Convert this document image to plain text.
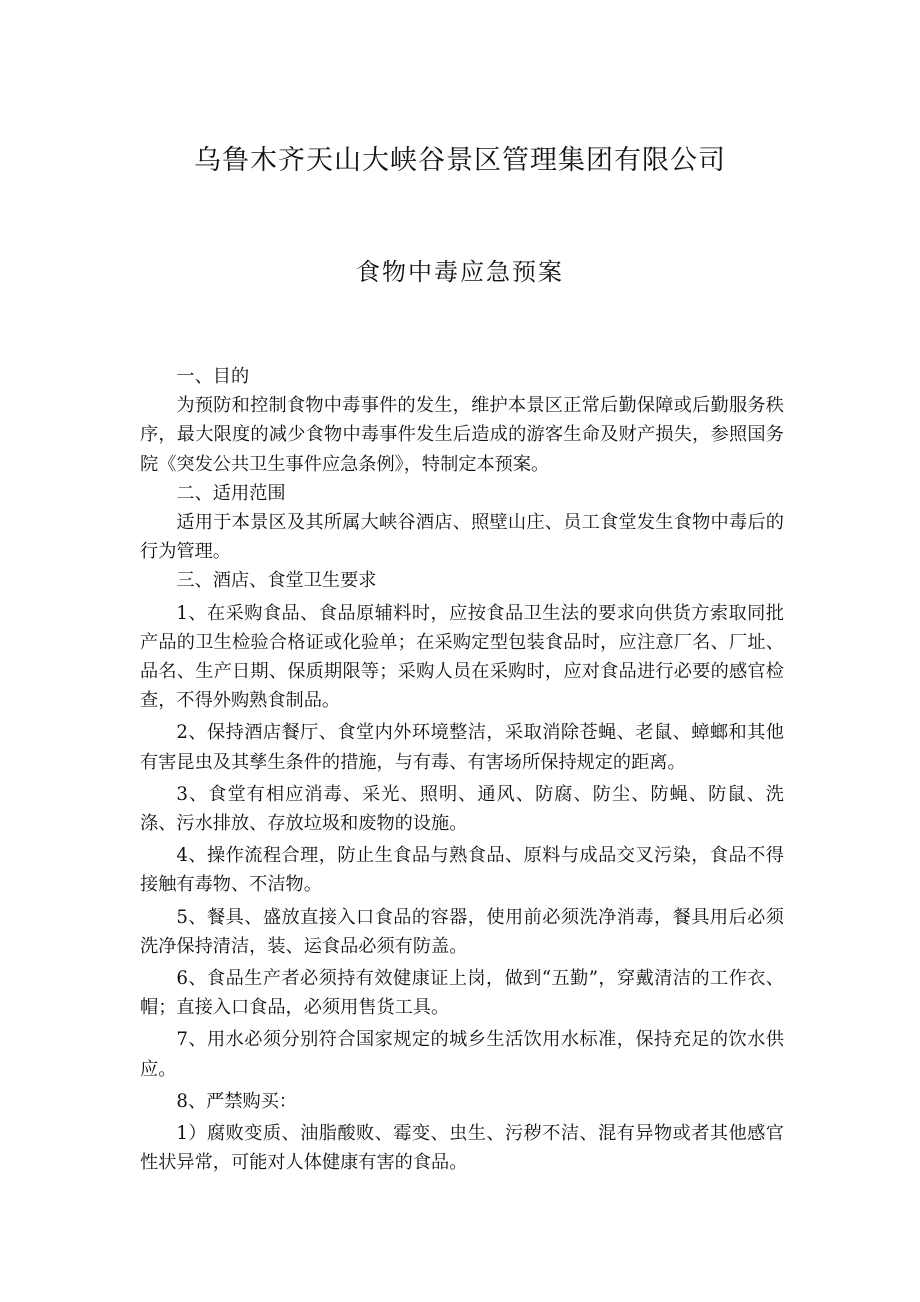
乌鲁木齐天山大峡谷景区管理集团有限公司
食物中毒应急预案

一、目的

为预防和控制食物中毒事件的发生，维护本景区正常后勤保障或后勤服务秩序，最大限度的减少食物中毒事件发生后造成的游客生命及财产损失，参照国务院《突发公共卫生事件应急条例》，特制定本预案。

二、适用范围

适用于本景区及其所属大峡谷酒店、照壁山庄、员工食堂发生食物中毒后的行为管理。

三、酒店、食堂卫生要求

1、在采购食品、食品原辅料时，应按食品卫生法的要求向供货方索取同批产品的卫生检验合格证或化验单；在采购定型包装食品时，应注意厂名、厂址、品名、生产日期、保质期限等；采购人员在采购时，应对食品进行必要的感官检查，不得外购熟食制品。

2、保持酒店餐厅、食堂内外环境整洁，采取消除苍蝇、老鼠、蟑螂和其他有害昆虫及其孳生条件的措施，与有毒、有害场所保持规定的距离。

3、食堂有相应消毒、采光、照明、通风、防腐、防尘、防蝇、防鼠、洗涤、污水排放、存放垃圾和废物的设施。

4、操作流程合理，防止生食品与熟食品、原料与成品交叉污染，食品不得接触有毒物、不洁物。

5、餐具、盛放直接入口食品的容器，使用前必须洗净消毒，餐具用后必须洗净保持清洁，装、运食品必须有防盖。

6、食品生产者必须持有效健康证上岗，做到“五勤”，穿戴清洁的工作衣、帽；直接入口食品，必须用售货工具。

7、用水必须分别符合国家规定的城乡生活饮用水标准，保持充足的饮水供应。

8、严禁购买：

1）腐败变质、油脂酸败、霉变、虫生、污秽不洁、混有异物或者其他感官性状异常，可能对人体健康有害的食品。
